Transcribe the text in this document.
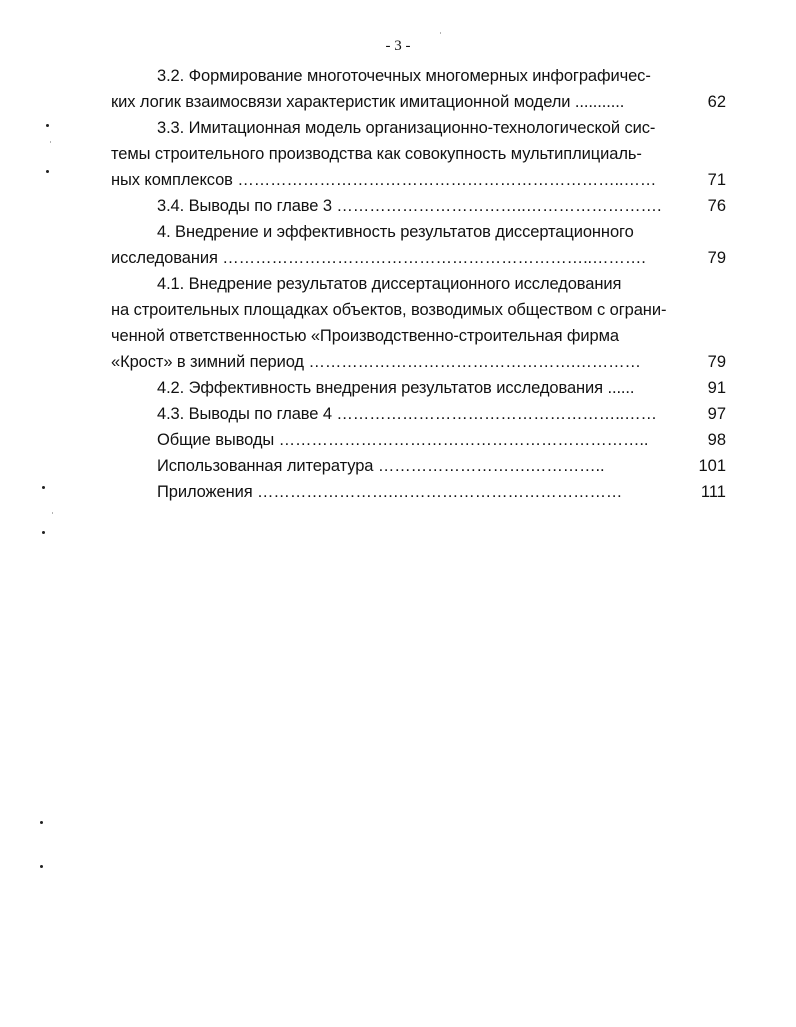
- 3 -
3.2. Формирование многоточечных многомерных инфографичес-
ких логик взаимосвязи характеристик имитационной модели ...........	62
3.3. Имитационная модель организационно-технологической сис-
темы строительного производства как совокупность мультиплициаль-
ных комплексов ……………………………………………………………..……	71
3.4. Выводы по главе 3 ……………………………..…………………….	76
4. Внедрение и эффективность результатов диссертационного
исследования …………………………………………………………..……….	79
4.1. Внедрение результатов диссертационного исследования
на строительных площадках объектов, возводимых обществом с ограни-
ченной ответственностью «Производственно-строительная фирма
«Крост» в зимний период ………………………………………….…………	79
4.2. Эффективность внедрения результатов исследования ......	91
4.3. Выводы по главе 4 ……………………………………………..……	97
Общие выводы …………………………………………………………..	98
Использованная литература ……………………….…………..	101
Приложения …………………….……………………………………	111
